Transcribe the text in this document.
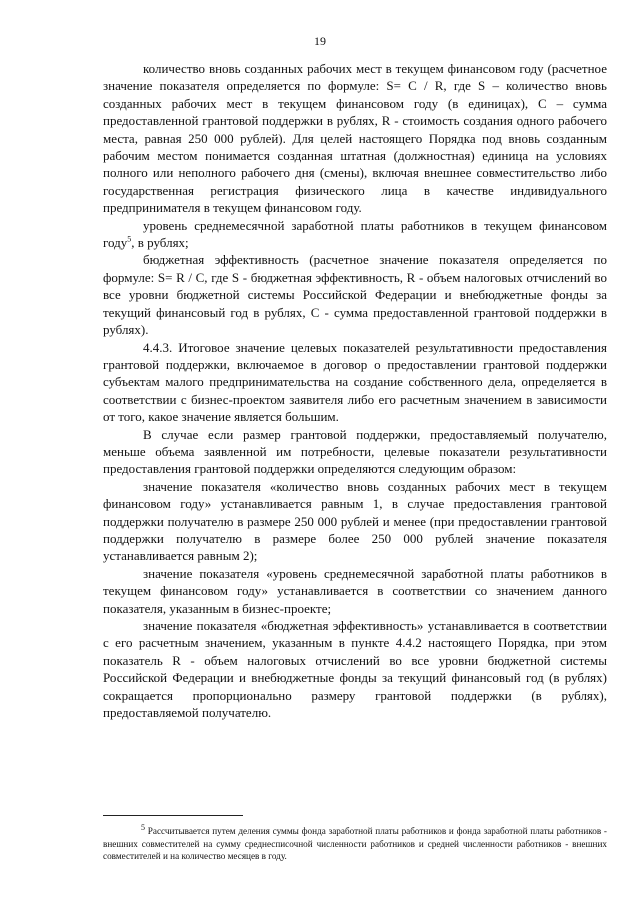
19

количество вновь созданных рабочих мест в текущем финансовом году (расчетное значение показателя определяется по формуле: S= C / R, где S – количество вновь созданных рабочих мест в текущем финансовом году (в единицах), C – сумма предоставленной грантовой поддержки в рублях, R - стоимость создания одного рабочего места, равная 250 000 рублей). Для целей настоящего Порядка под вновь созданным рабочим местом понимается созданная штатная (должностная) единица на условиях полного или неполного рабочего дня (смены), включая внешнее совместительство либо государственная регистрация физического лица в качестве индивидуального предпринимателя в текущем финансовом году.

уровень среднемесячной заработной платы работников в текущем финансовом году$^5$, в рублях;

бюджетная эффективность (расчетное значение показателя определяется по формуле: S= R / C, где S - бюджетная эффективность, R - объем налоговых отчислений во все уровни бюджетной системы Российской Федерации и внебюджетные фонды за текущий финансовый год в рублях, C - сумма предоставленной грантовой поддержки в рублях).

4.4.3. Итоговое значение целевых показателей результативности предоставления грантовой поддержки, включаемое в договор о предоставлении грантовой поддержки субъектам малого предпринимательства на создание собственного дела, определяется в соответствии с бизнес-проектом заявителя либо его расчетным значением в зависимости от того, какое значение является большим.

В случае если размер грантовой поддержки, предоставляемый получателю, меньше объема заявленной им потребности, целевые показатели результативности предоставления грантовой поддержки определяются следующим образом:

значение показателя «количество вновь созданных рабочих мест в текущем финансовом году» устанавливается равным 1, в случае предоставления грантовой поддержки получателю в размере 250 000 рублей и менее (при предоставлении грантовой поддержки получателю в размере более 250 000 рублей значение показателя устанавливается равным 2);

значение показателя «уровень среднемесячной заработной платы работников в текущем финансовом году» устанавливается в соответствии со значением данного показателя, указанным в бизнес-проекте;

значение показателя «бюджетная эффективность» устанавливается в соответствии с его расчетным значением, указанным в пункте 4.4.2 настоящего Порядка, при этом показатель R - объем налоговых отчислений во все уровни бюджетной системы Российской Федерации и внебюджетные фонды за текущий финансовый год (в рублях) сокращается пропорционально размеру грантовой поддержки (в рублях), предоставляемой получателю.

$^5$ Рассчитывается путем деления суммы фонда заработной платы работников и фонда заработной платы работников - внешних совместителей на сумму среднесписочной численности работников и средней численности работников - внешних совместителей и на количество месяцев в году.
